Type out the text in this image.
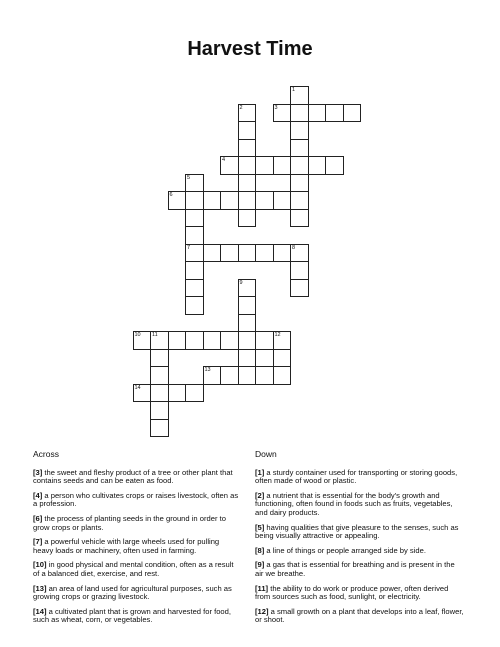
Harvest Time
1
2	3
4
5
7
6
8
9
10 11	12
13
14
Across
[3] the sweet and fleshy product of a tree or other plant that contains seeds and can be eaten as food.
[4] a person who cultivates crops or raises livestock, often as a profession.
[6] the process of planting seeds in the ground in order to grow crops or plants.
[7] a powerful vehicle with large wheels used for pulling heavy loads or machinery, often used in farming.
[10] in good physical and mental condition, often as a result of a balanced diet, exercise, and rest.
[13] an area of land used for agricultural purposes, such as growing crops or grazing livestock.
[14] a cultivated plant that is grown and harvested for food, such as wheat, corn, or vegetables.
Down
[1] a sturdy container used for transporting or storing goods, often made of wood or plastic.
[2] a nutrient that is essential for the body's growth and functioning, often found in foods such as fruits, vegetables, and dairy products.
[5] having qualities that give pleasure to the senses, such as being visually attractive or appealing.
[8] a line of things or people arranged side by side.
[9] a gas that is essential for breathing and is present in the air we breathe.
[11] the ability to do work or produce power, often derived from sources such as food, sunlight, or electricity.
[12] a small growth on a plant that develops into a leaf, flower, or shoot.
